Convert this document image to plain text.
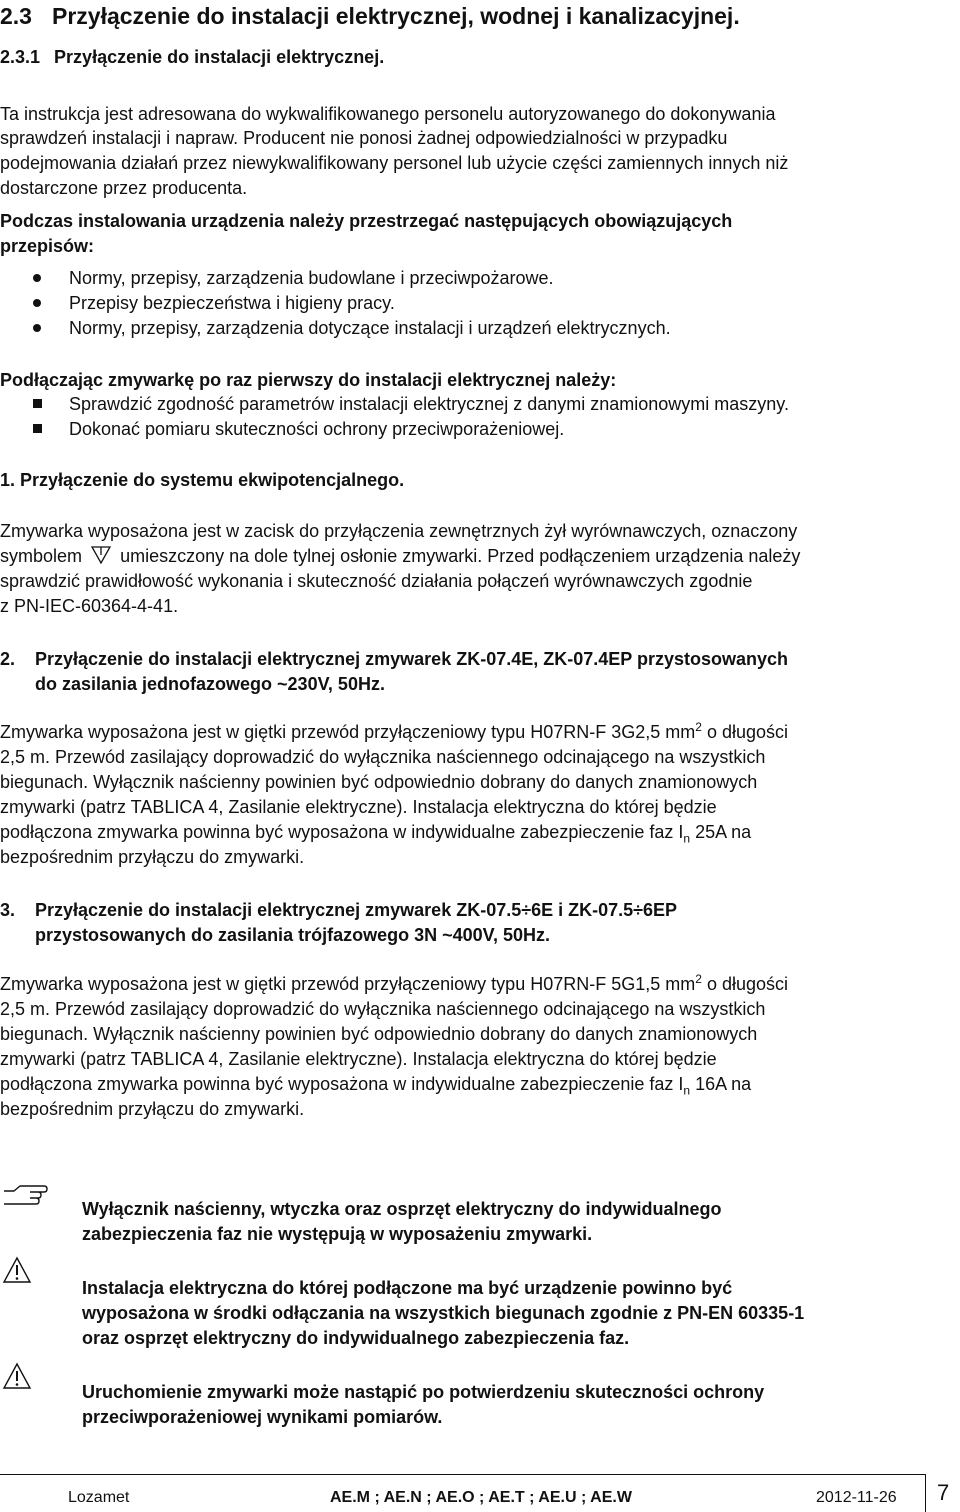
2.3 Przyłączenie do instalacji elektrycznej, wodnej i kanalizacyjnej.
2.3.1 Przyłączenie do instalacji elektrycznej.
Ta instrukcja jest adresowana do wykwalifikowanego personelu autoryzowanego do dokonywania
sprawdzeń instalacji i napraw. Producent nie ponosi żadnej odpowiedzialności w przypadku
podejmowania działań przez niewykwalifikowany personel lub użycie części zamiennych innych niż
dostarczone przez producenta.
Podczas instalowania urządzenia należy przestrzegać następujących obowiązujących
przepisów:
Normy, przepisy, zarządzenia budowlane i przeciwpożarowe.
Przepisy bezpieczeństwa i higieny pracy.
Normy, przepisy, zarządzenia dotyczące instalacji i urządzeń elektrycznych.
Podłączając zmywarkę po raz pierwszy do instalacji elektrycznej należy:
Sprawdzić zgodność parametrów instalacji elektrycznej z danymi znamionowymi maszyny.
Dokonać pomiaru skuteczności ochrony przeciwporażeniowej.
1. Przyłączenie do systemu ekwipotencjalnego.
Zmywarka wyposażona jest w zacisk do przyłączenia zewnętrznych żył wyrównawczych, oznaczony
symbolem umieszczony na dole tylnej osłonie zmywarki. Przed podłączeniem urządzenia należy
sprawdzić prawidłowość wykonania i skuteczność działania połączeń wyrównawczych zgodnie
z PN-IEC-60364-4-41.
2. Przyłączenie do instalacji elektrycznej zmywarek ZK-07.4E, ZK-07.4EP przystosowanych
do zasilania jednofazowego ~230V, 50Hz.
Zmywarka wyposażona jest w giętki przewód przyłączeniowy typu H07RN-F 3G2,5 $mm^2$ o długości
2,5 m. Przewód zasilający doprowadzić do wyłącznika naściennego odcinającego na wszystkich
biegunach. Wyłącznik naścienny powinien być odpowiednio dobrany do danych znamionowych
zmywarki (patrz TABLICA 4, Zasilanie elektryczne). Instalacja elektryczna do której będzie
podłączona zmywarka powinna być wyposażona w indywidualne zabezpieczenie faz $I_n$ 25A na
bezpośrednim przyłączu do zmywarki.
3. Przyłączenie do instalacji elektrycznej zmywarek ZK-07.5÷6E i ZK-07.5÷6EP
przystosowanych do zasilania trójfazowego 3N ~400V, 50Hz.
Zmywarka wyposażona jest w giętki przewód przyłączeniowy typu H07RN-F 5G1,5 $mm^2$ o długości
2,5 m. Przewód zasilający doprowadzić do wyłącznika naściennego odcinającego na wszystkich
biegunach. Wyłącznik naścienny powinien być odpowiednio dobrany do danych znamionowych
zmywarki (patrz TABLICA 4, Zasilanie elektryczne). Instalacja elektryczna do której będzie
podłączona zmywarka powinna być wyposażona w indywidualne zabezpieczenie faz $I_n$ 16A na
bezpośrednim przyłączu do zmywarki.
Wyłącznik naścienny, wtyczka oraz osprzęt elektryczny do indywidualnego
zabezpieczenia faz nie występują w wyposażeniu zmywarki.
Instalacja elektryczna do której podłączone ma być urządzenie powinno być
wyposażona w środki odłączania na wszystkich biegunach zgodnie z PN-EN 60335-1
oraz osprzęt elektryczny do indywidualnego zabezpieczenia faz.
Uruchomienie zmywarki może nastąpić po potwierdzeniu skuteczności ochrony
przeciwporażeniowej wynikami pomiarów.
Lozamet	AE.M ; AE.N ; AE.O ; AE.T ; AE.U ; AE.W	2012-11-26 7
